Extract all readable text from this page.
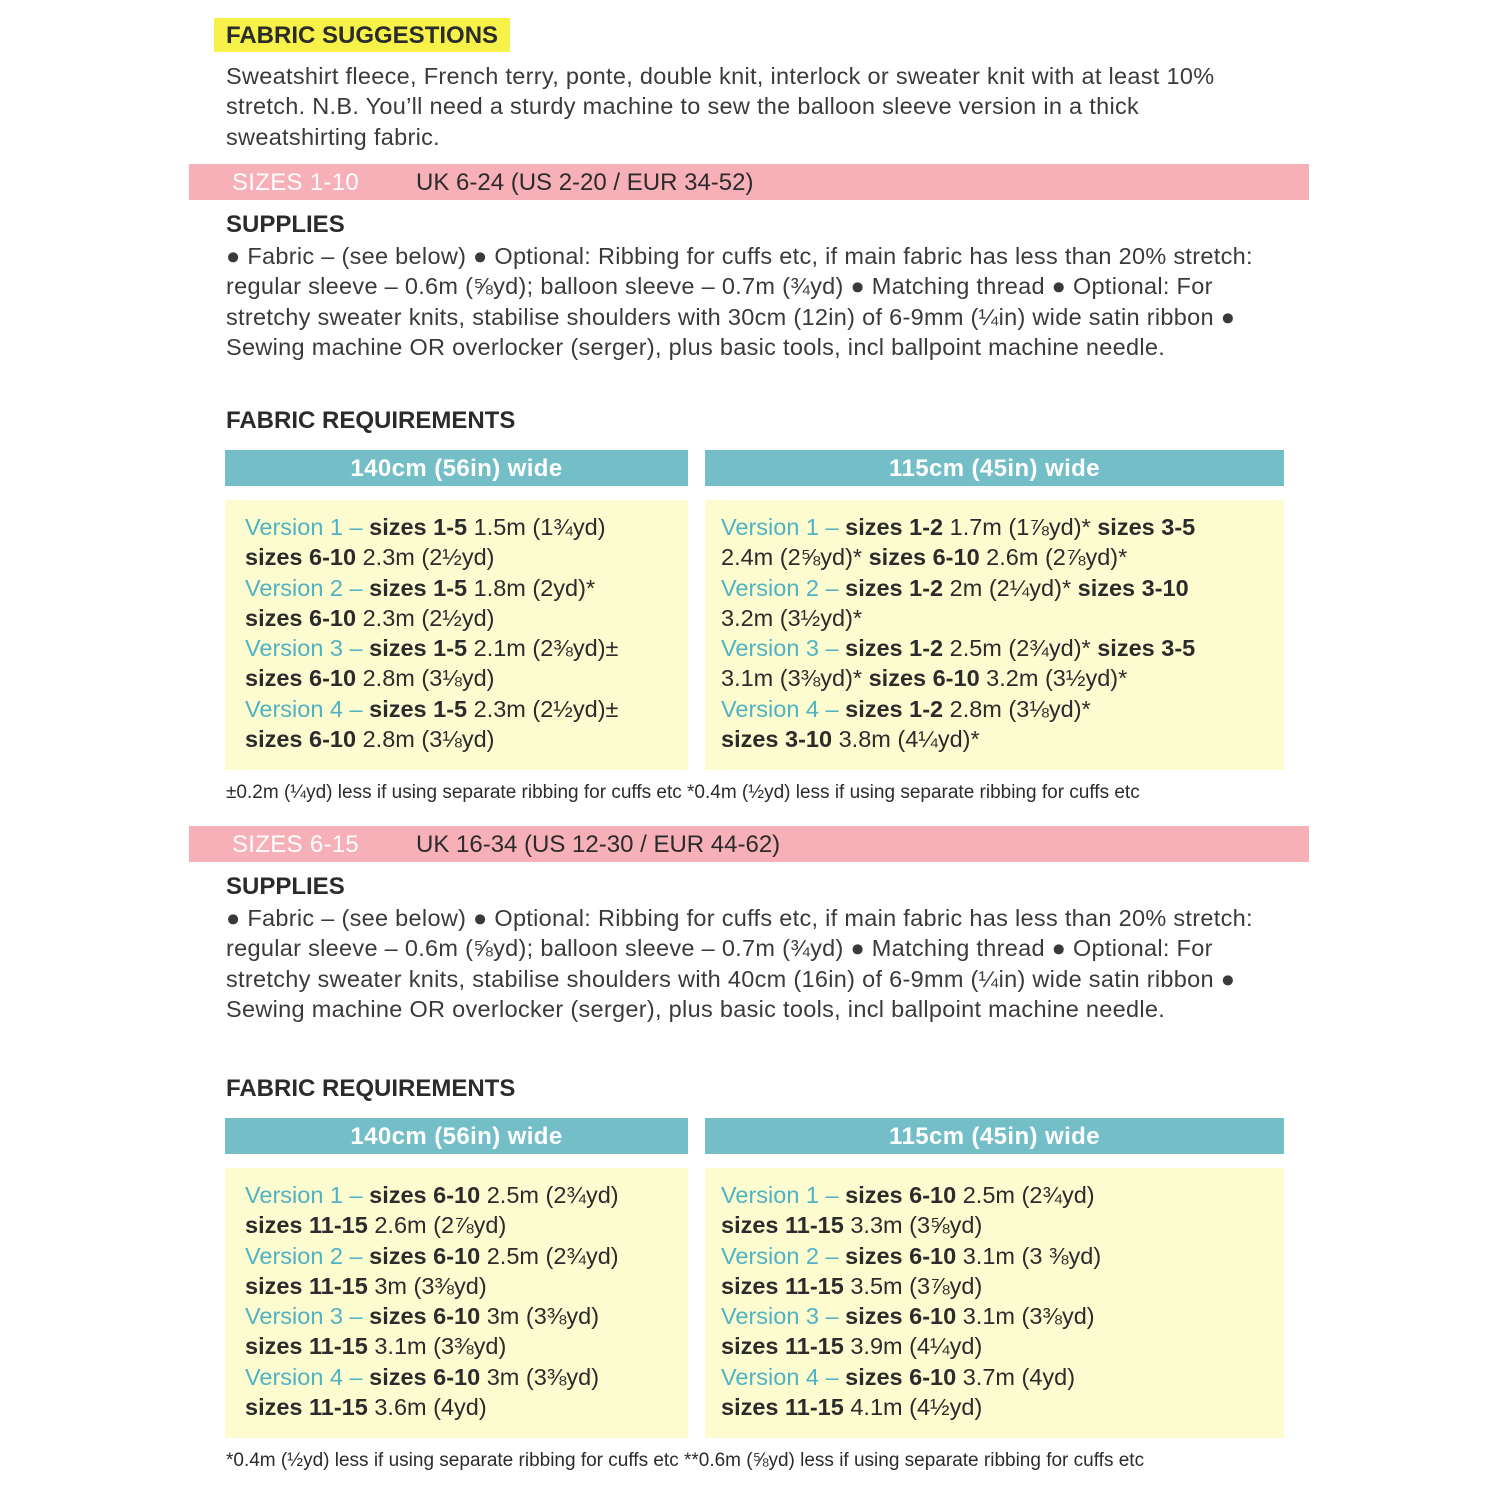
FABRIC SUGGESTIONS
Sweatshirt fleece, French terry, ponte, double knit, interlock or sweater knit with at least 10% stretch. N.B. You’ll need a sturdy machine to sew the balloon sleeve version in a thick sweatshirting fabric.
SIZES 1-10 UK 6-24 (US 2-20 / EUR 34-52)
SUPPLIES
● Fabric – (see below) ● Optional: Ribbing for cuffs etc, if main fabric has less than 20% stretch: regular sleeve – 0.6m (⅝yd); balloon sleeve – 0.7m (¾yd) ● Matching thread ● Optional: For stretchy sweater knits, stabilise shoulders with 30cm (12in) of 6-9mm (¼in) wide satin ribbon ● Sewing machine OR overlocker (serger), plus basic tools, incl ballpoint machine needle.
FABRIC REQUIREMENTS
140cm (56in) wide	115cm (45in) wide
Version 1 – sizes 1-5 1.5m (1¾yd)
sizes 6-10 2.3m (2½yd)
Version 2 – sizes 1-5 1.8m (2yd)*
sizes 6-10 2.3m (2½yd)
Version 3 – sizes 1-5 2.1m (2⅜yd)±
sizes 6-10 2.8m (3⅛yd)
Version 4 – sizes 1-5 2.3m (2½yd)±
sizes 6-10 2.8m (3⅛yd)
Version 1 – sizes 1-2 1.7m (1⅞yd)* sizes 3-5
2.4m (2⅝yd)* sizes 6-10 2.6m (2⅞yd)*
Version 2 – sizes 1-2 2m (2¼yd)* sizes 3-10
3.2m (3½yd)*
Version 3 – sizes 1-2 2.5m (2¾yd)* sizes 3-5
3.1m (3⅜yd)* sizes 6-10 3.2m (3½yd)*
Version 4 – sizes 1-2 2.8m (3⅛yd)*
sizes 3-10 3.8m (4¼yd)*
±0.2m (¼yd) less if using separate ribbing for cuffs etc *0.4m (½yd) less if using separate ribbing for cuffs etc
SIZES 6-15 UK 16-34 (US 12-30 / EUR 44-62)
SUPPLIES
● Fabric – (see below) ● Optional: Ribbing for cuffs etc, if main fabric has less than 20% stretch: regular sleeve – 0.6m (⅝yd); balloon sleeve – 0.7m (¾yd) ● Matching thread ● Optional: For stretchy sweater knits, stabilise shoulders with 40cm (16in) of 6-9mm (¼in) wide satin ribbon ● Sewing machine OR overlocker (serger), plus basic tools, incl ballpoint machine needle.
FABRIC REQUIREMENTS
140cm (56in) wide	115cm (45in) wide
Version 1 – sizes 6-10 2.5m (2¾yd)
sizes 11-15 2.6m (2⅞yd)
Version 2 – sizes 6-10 2.5m (2¾yd)
sizes 11-15 3m (3⅜yd)
Version 3 – sizes 6-10 3m (3⅜yd)
sizes 11-15 3.1m (3⅜yd)
Version 4 – sizes 6-10 3m (3⅜yd)
sizes 11-15 3.6m (4yd)
Version 1 – sizes 6-10 2.5m (2¾yd)
sizes 11-15 3.3m (3⅝yd)
Version 2 – sizes 6-10 3.1m (3 ⅜yd)
sizes 11-15 3.5m (3⅞yd)
Version 3 – sizes 6-10 3.1m (3⅜yd)
sizes 11-15 3.9m (4¼yd)
Version 4 – sizes 6-10 3.7m (4yd)
sizes 11-15 4.1m (4½yd)
*0.4m (½yd) less if using separate ribbing for cuffs etc **0.6m (⅝yd) less if using separate ribbing for cuffs etc
